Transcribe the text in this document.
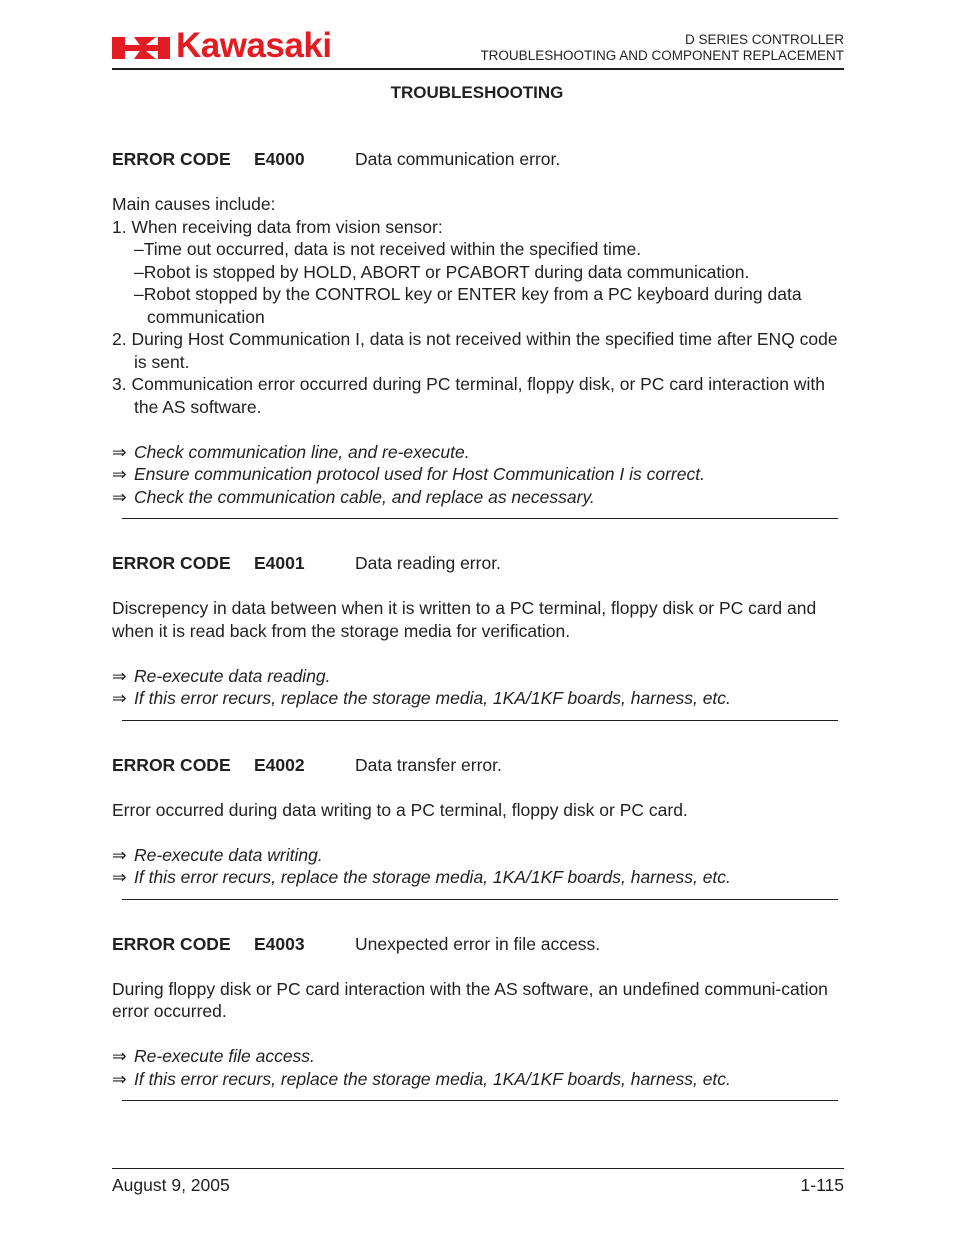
Kawasaki	D SERIES CONTROLLER
TROUBLESHOOTING AND COMPONENT REPLACEMENT
TROUBLESHOOTING
ERROR CODE	E4000	Data communication error.
Main causes include:
1. When receiving data from vision sensor:
–Time out occurred, data is not received within the specified time.
–Robot is stopped by HOLD, ABORT or PCABORT during data communication.
–Robot stopped by the CONTROL key or ENTER key from a PC keyboard during data communication
2. During Host Communication I, data is not received within the specified time after ENQ code is sent.
3. Communication error occurred during PC terminal, floppy disk, or PC card interaction with the AS software.
⇒ Check communication line, and re-execute.
⇒ Ensure communication protocol used for Host Communication I is correct.
⇒ Check the communication cable, and replace as necessary.
ERROR CODE	E4001	Data reading error.
Discrepency in data between when it is written to a PC terminal, floppy disk or PC card and when it is read back from the storage media for verification.
⇒ Re-execute data reading.
⇒ If this error recurs, replace the storage media, 1KA/1KF boards, harness, etc.
ERROR CODE	E4002	Data transfer error.
Error occurred during data writing to a PC terminal, floppy disk or PC card.
⇒ Re-execute data writing.
⇒ If this error recurs, replace the storage media, 1KA/1KF boards, harness, etc.
ERROR CODE	E4003	Unexpected error in file access.
During floppy disk or PC card interaction with the AS software, an undefined communi-cation error occurred.
⇒ Re-execute file access.
⇒ If this error recurs, replace the storage media, 1KA/1KF boards, harness, etc.
August 9, 2005	1-115
